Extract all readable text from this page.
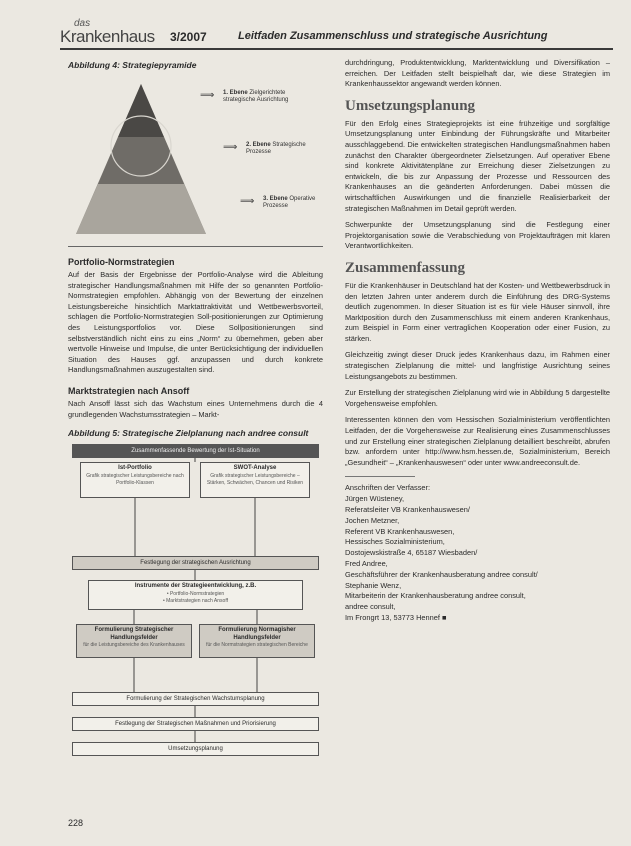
das
Krankenhaus 3/2007	Leitfaden Zusammenschluss und strategische Ausrichtung
Abbildung 4: Strategiepyramide
⟹ 1. Ebene Zielgerichtete strategische Ausrichtung
⟹ 2. Ebene Strategische Prozesse
⟹ 3. Ebene Operative Prozesse
Portfolio-Normstrategien

Auf der Basis der Ergebnisse der Portfolio-Analyse wird die Ableitung strategischer Handlungsmaßnahmen mit Hilfe der so genannten Portfolio-Normstrategien empfohlen. Abhängig von der Bewertung der einzelnen Leistungsbereiche hinsichtlich Marktattraktivität und Wettbewerbsvorteil, schlagen die Portfolio-Normstrategien Soll-positionierungen zur Optimierung des Leistungsportfolios vor. Diese Sollpositionierungen sind selbstverständlich nicht eins zu eins „Norm“ zu übernehmen, geben aber wertvolle Hinweise und Impulse, die unter Berücksichtigung der individuellen Situation des Hauses ggf. anzupassen und durch konkrete Handlungsmaßnahmen auszugestalten sind.

Marktstrategien nach Ansoff

Nach Ansoff lässt sich das Wachstum eines Unternehmens durch die 4 grundlegenden Wachstumsstrategien – Markt-

Abbildung 5: Strategische Zielplanung nach andree consult
Zusammenfassende Bewertung der Ist-Situation
Ist-Portfolio
Grafik strategischer Leistungsbereiche nach Portfolio-Klassen
SWOT-Analyse
Grafik strategischer Leistungsbereiche – Stärken, Schwächen, Chancen und Risiken
Festlegung der strategischen Ausrichtung
Instrumente der Strategieentwicklung, z.B.
• Portfolio-Normstrategien
• Marktstrategien nach Ansoff
Formulierung Strategischer Handlungsfelder
für die Leistungsbereiche des Krankenhauses
Formulierung Normagisher Handlungsfelder
für die Normstrategien strategischen Bereiche
Formulierung der Strategischen Wachstumsplanung
Festlegung der Strategischen Maßnahmen und Priorisierung
Umsetzungsplanung

durchdringung, Produktentwicklung, Marktentwicklung und Diversifikation – erreichen. Der Leitfaden stellt beispielhaft dar, wie diese Strategien im Krankenhaussektor angewandt werden können.

Umsetzungsplanung

Für den Erfolg eines Strategieprojekts ist eine frühzeitige und sorgfältige Umsetzungsplanung unter Einbindung der Führungskräfte und Mitarbeiter ausschlaggebend. Die entwickelten strategischen Handlungsmaßnahmen haben zunächst den Charakter übergeordneter Zielsetzungen. Auf operativer Ebene sind konkrete Aktivitätenpläne zur Erreichung dieser Zielsetzungen zu entwickeln, die bis zur Anpassung der Prozesse und Ressourcen des Krankenhauses an die geänderten Anforderungen. Dabei müssen die wirtschaftlichen Auswirkungen und die finanzielle Realisierbarkeit der strategischen Maßnahmen im Detail geprüft werden.

Schwerpunkte der Umsetzungsplanung sind die Festlegung einer Projektorganisation sowie die Verabschiedung von Projektaufträgen mit klaren Verantwortlichkeiten.

Zusammenfassung

Für die Krankenhäuser in Deutschland hat der Kosten- und Wettbewerbsdruck in den letzten Jahren unter anderem durch die Einführung des DRG-Systems deutlich zugenommen. In dieser Situation ist es für viele Häuser sinnvoll, ihre Marktposition durch den Zusammenschluss mit einem anderen Krankenhaus, zum Beispiel in Form einer vertraglichen Kooperation oder einer Fusion, zu stärken.

Gleichzeitig zwingt dieser Druck jedes Krankenhaus dazu, im Rahmen einer strategischen Zielplanung die mittel- und langfristige Ausrichtung seines Leistungsangebots zu bestimmen.

Zur Erstellung der strategischen Zielplanung wird wie in Abbildung 5 dargestellte Vorgehensweise empfohlen.

Interessenten können den vom Hessischen Sozialministerium veröffentlichten Leitfaden, der die Vorgehensweise zur Realisierung eines Zusammenschlusses und zur Erstellung einer strategischen Zielplanung detailliert beschreibt, abrufen bzw. anfordern unter http://www.hsm.hessen.de, Sozialministerium, Bereich „Gesundheit“ – „Krankenhauswesen“ oder unter www.andreeconsult.de.

Anschriften der Verfasser:

Jürgen Wüsteney,

Referatsleiter VB Krankenhauswesen/

Jochen Metzner,

Referent VB Krankenhauswesen,

Hessisches Sozialministerium,

Dostojewskistraße 4, 65187 Wiesbaden/

Fred Andree,

Geschäftsführer der Krankenhausberatung andree consult/

Stephanie Wenz,

Mitarbeiterin der Krankenhausberatung andree consult,

andree consult,

Im Frongrt 13, 53773 Hennef ■

228
